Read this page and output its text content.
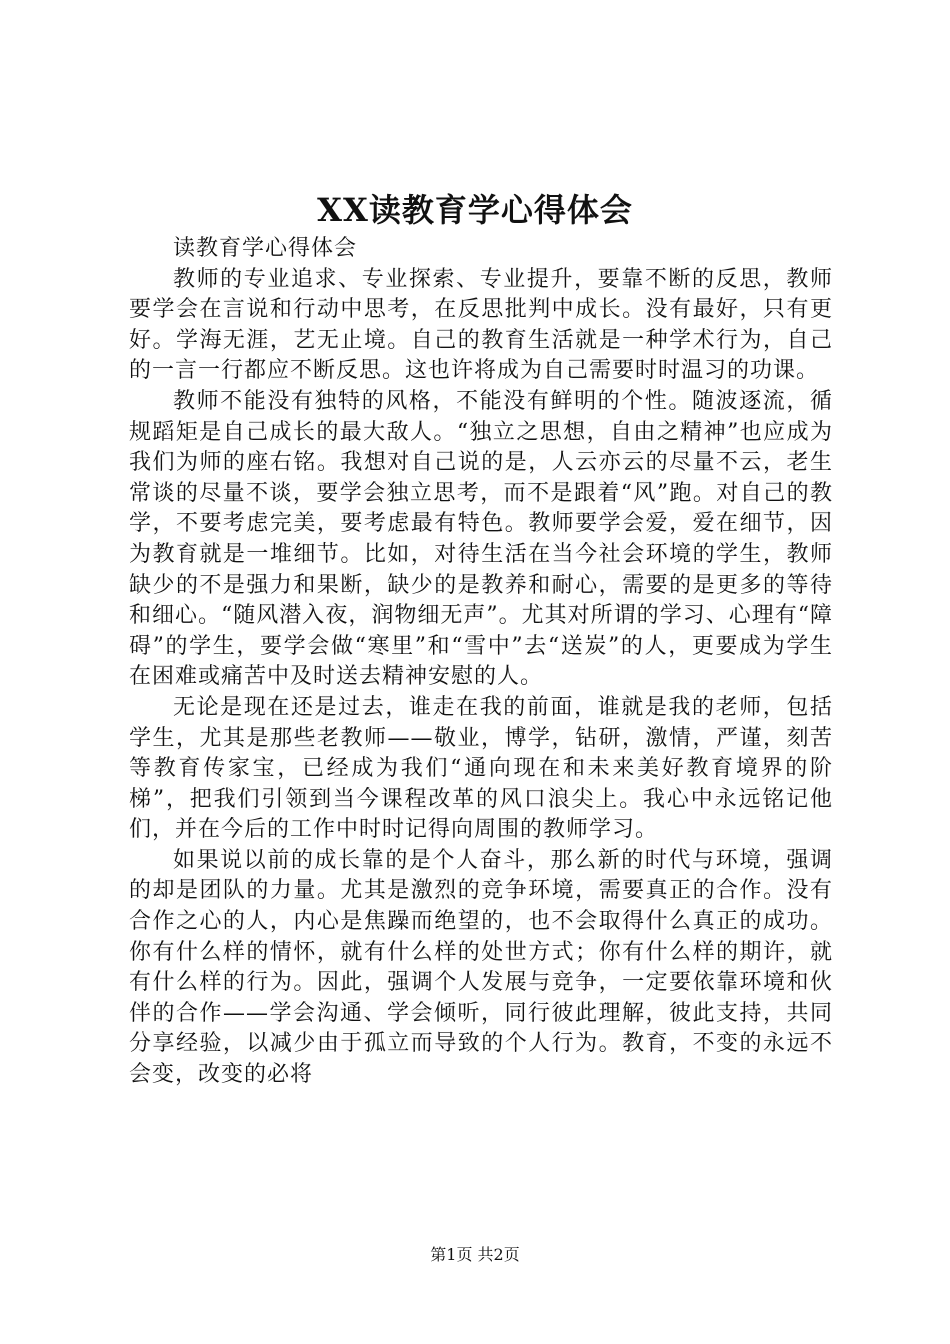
XX读教育学心得体会

读教育学心得体会

教师的专业追求、专业探索、专业提升，要靠不断的反思，教师要学会在言说和行动中思考，在反思批判中成长。没有最好，只有更好。学海无涯，艺无止境。自己的教育生活就是一种学术行为，自己的一言一行都应不断反思。这也许将成为自己需要时时温习的功课。

教师不能没有独特的风格，不能没有鲜明的个性。随波逐流，循规蹈矩是自己成长的最大敌人。“独立之思想，自由之精神”也应成为我们为师的座右铭。我想对自己说的是，人云亦云的尽量不云，老生常谈的尽量不谈，要学会独立思考，而不是跟着“风”跑。对自己的教学，不要考虑完美，要考虑最有特色。教师要学会爱，爱在细节，因为教育就是一堆细节。比如，对待生活在当今社会环境的学生，教师缺少的不是强力和果断，缺少的是教养和耐心，需要的是更多的等待和细心。“随风潜入夜，润物细无声”。尤其对所谓的学习、心理有“障碍”的学生，要学会做“寒里”和“雪中”去“送炭”的人，更要成为学生在困难或痛苦中及时送去精神安慰的人。

无论是现在还是过去，谁走在我的前面，谁就是我的老师，包括学生，尤其是那些老教师——敬业，博学，钻研，激情，严谨，刻苦等教育传家宝，已经成为我们“通向现在和未来美好教育境界的阶梯”，把我们引领到当今课程改革的风口浪尖上。我心中永远铭记他们，并在今后的工作中时时记得向周围的教师学习。

如果说以前的成长靠的是个人奋斗，那么新的时代与环境，强调的却是团队的力量。尤其是激烈的竞争环境，需要真正的合作。没有合作之心的人，内心是焦躁而绝望的，也不会取得什么真正的成功。你有什么样的情怀，就有什么样的处世方式；你有什么样的期许，就有什么样的行为。因此，强调个人发展与竞争，一定要依靠环境和伙伴的合作——学会沟通、学会倾听，同行彼此理解，彼此支持，共同分享经验，以减少由于孤立而导致的个人行为。教育，不变的永远不会变，改变的必将

第1页 共2页
